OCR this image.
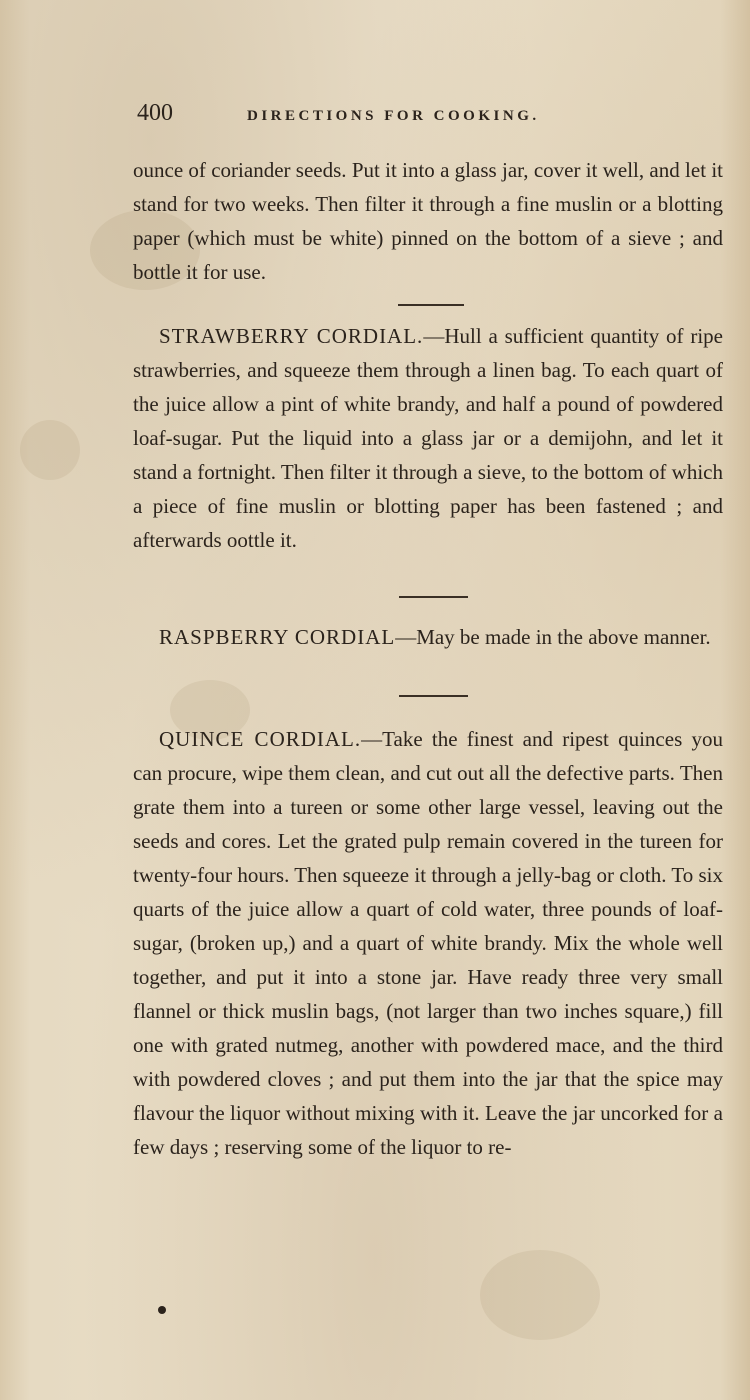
400	DIRECTIONS FOR COOKING.

ounce of coriander seeds. Put it into a glass jar, cover it well, and let it stand for two weeks. Then filter it through a fine muslin or a blotting paper (which must be white) pinned on the bottom of a sieve ; and bottle it for use.

STRAWBERRY CORDIAL.—Hull a sufficient quantity of ripe strawberries, and squeeze them through a linen bag. To each quart of the juice allow a pint of white brandy, and half a pound of powdered loaf-sugar. Put the liquid into a glass jar or a demijohn, and let it stand a fortnight. Then filter it through a sieve, to the bottom of which a piece of fine muslin or blotting paper has been fastened ; and afterwards oottle it.

RASPBERRY CORDIAL—May be made in the above manner.

QUINCE CORDIAL.—Take the finest and ripest quinces you can procure, wipe them clean, and cut out all the defective parts. Then grate them into a tureen or some other large vessel, leaving out the seeds and cores. Let the grated pulp remain covered in the tureen for twenty-four hours. Then squeeze it through a jelly-bag or cloth. To six quarts of the juice allow a quart of cold water, three pounds of loaf-sugar, (broken up,) and a quart of white brandy. Mix the whole well together, and put it into a stone jar. Have ready three very small flannel or thick muslin bags, (not larger than two inches square,) fill one with grated nutmeg, another with powdered mace, and the third with powdered cloves ; and put them into the jar that the spice may flavour the liquor without mixing with it. Leave the jar uncorked for a few days ; reserving some of the liquor to re-
